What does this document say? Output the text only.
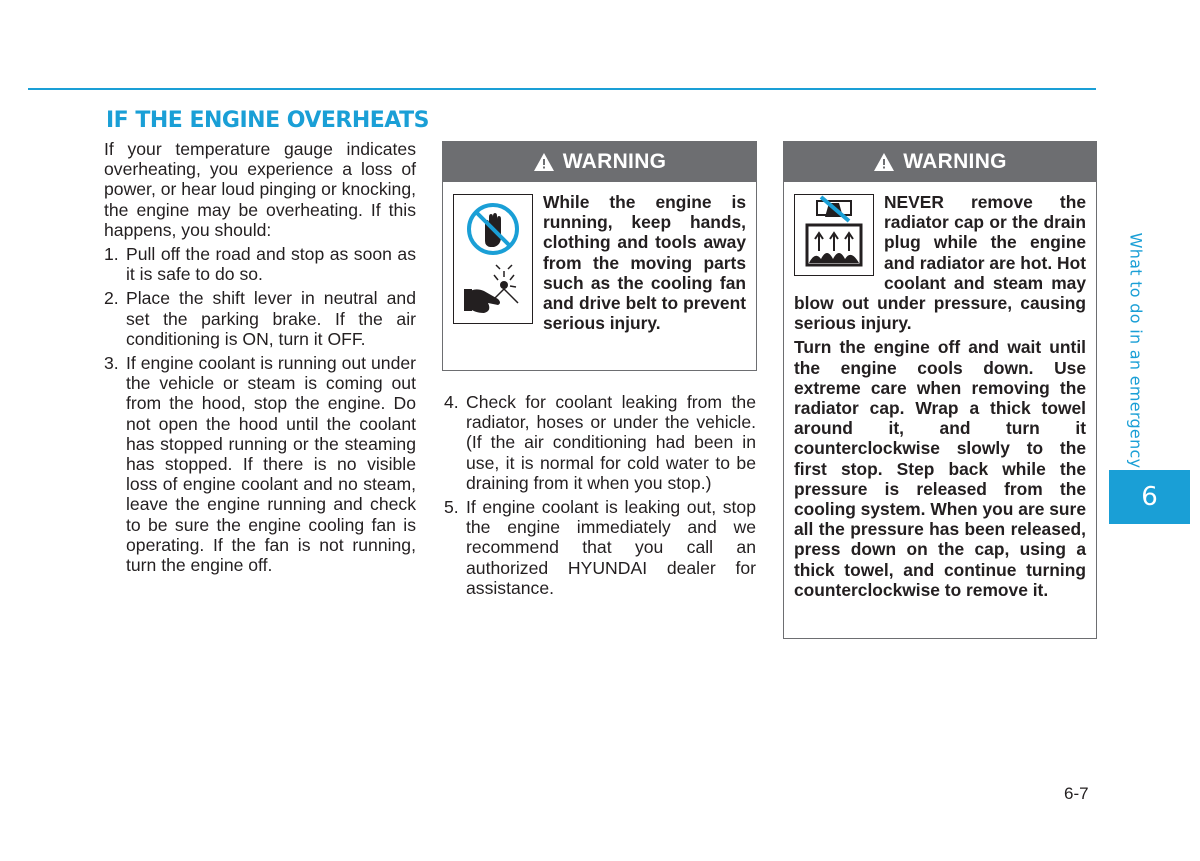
IF THE ENGINE OVERHEATS

If your temperature gauge indicates overheating, you experience a loss of power, or hear loud pinging or knocking, the engine may be overheating. If this happens, you should:

1. Pull off the road and stop as soon as it is safe to do so.
2. Place the shift lever in neutral and set the parking brake. If the air conditioning is ON, turn it OFF.
3. If engine coolant is running out under the vehicle or steam is coming out from the hood, stop the engine. Do not open the hood until the coolant has stopped running or the steaming has stopped. If there is no visible loss of engine coolant and no steam, leave the engine running and check to be sure the engine cooling fan is operating. If the fan is not running, turn the engine off.
WARNING

While the engine is running, keep hands, clothing and tools away from the moving parts such as the cooling fan and drive belt to prevent serious injury.

4. Check for coolant leaking from the radiator, hoses or under the vehicle. (If the air conditioning had been in use, it is normal for cold water to be draining from it when you stop.)
5. If engine coolant is leaking out, stop the engine immediately and we recommend that you call an authorized HYUNDAI dealer for assistance.
WARNING

NEVER remove the radiator cap or the drain plug while the engine and radiator are hot. Hot coolant and steam may blow out under pressure, causing serious injury.

Turn the engine off and wait until the engine cools down. Use extreme care when removing the radiator cap. Wrap a thick towel around it, and turn it counterclockwise slowly to the first stop. Step back while the pressure is released from the cooling system. When you are sure all the pressure has been released, press down on the cap, using a thick towel, and continue turning counterclockwise to remove it.

What to do in an emergency
6
6-7
